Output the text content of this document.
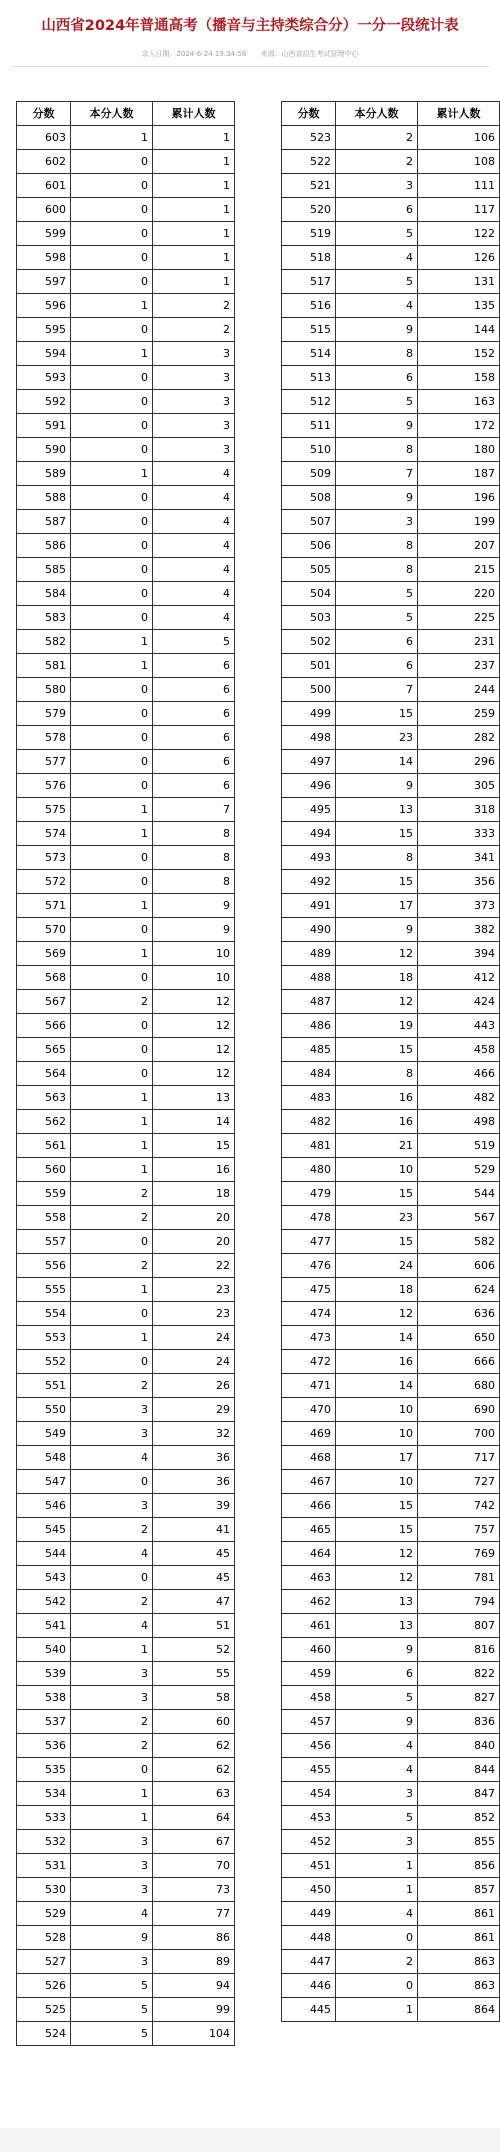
山西省2024年普通高考（播音与主持类综合分）一分一段统计表
录入日期：2024-6-24 19:34:58 来源：山西省招生考试管理中心
分数	本分人数	累计人数
603	1	1
602	0	1
601	0	1
600	0	1
599	0	1
598	0	1
597	0	1
596	1	2
595	0	2
594	1	3
593	0	3
592	0	3
591	0	3
590	0	3
589	1	4
588	0	4
587	0	4
586	0	4
585	0	4
584	0	4
583	0	4
582	1	5
581	1	6
580	0	6
579	0	6
578	0	6
577	0	6
576	0	6
575	1	7
574	1	8
573	0	8
572	0	8
571	1	9
570	0	9
569	1	10
568	0	10
567	2	12
566	0	12
565	0	12
564	0	12
563	1	13
562	1	14
561	1	15
560	1	16
559	2	18
558	2	20
557	0	20
556	2	22
555	1	23
554	0	23
553	1	24
552	0	24
551	2	26
550	3	29
549	3	32
548	4	36
547	0	36
546	3	39
545	2	41
544	4	45
543	0	45
542	2	47
541	4	51
540	1	52
539	3	55
538	3	58
537	2	60
536	2	62
535	0	62
534	1	63
533	1	64
532	3	67
531	3	70
530	3	73
529	4	77
528	9	86
527	3	89
526	5	94
525	5	99
524	5	104
分数	本分人数	累计人数
523	2	106
522	2	108
521	3	111
520	6	117
519	5	122
518	4	126
517	5	131
516	4	135
515	9	144
514	8	152
513	6	158
512	5	163
511	9	172
510	8	180
509	7	187
508	9	196
507	3	199
506	8	207
505	8	215
504	5	220
503	5	225
502	6	231
501	6	237
500	7	244
499	15	259
498	23	282
497	14	296
496	9	305
495	13	318
494	15	333
493	8	341
492	15	356
491	17	373
490	9	382
489	12	394
488	18	412
487	12	424
486	19	443
485	15	458
484	8	466
483	16	482
482	16	498
481	21	519
480	10	529
479	15	544
478	23	567
477	15	582
476	24	606
475	18	624
474	12	636
473	14	650
472	16	666
471	14	680
470	10	690
469	10	700
468	17	717
467	10	727
466	15	742
465	15	757
464	12	769
463	12	781
462	13	794
461	13	807
460	9	816
459	6	822
458	5	827
457	9	836
456	4	840
455	4	844
454	3	847
453	5	852
452	3	855
451	1	856
450	1	857
449	4	861
448	0	861
447	2	863
446	0	863
445	1	864
